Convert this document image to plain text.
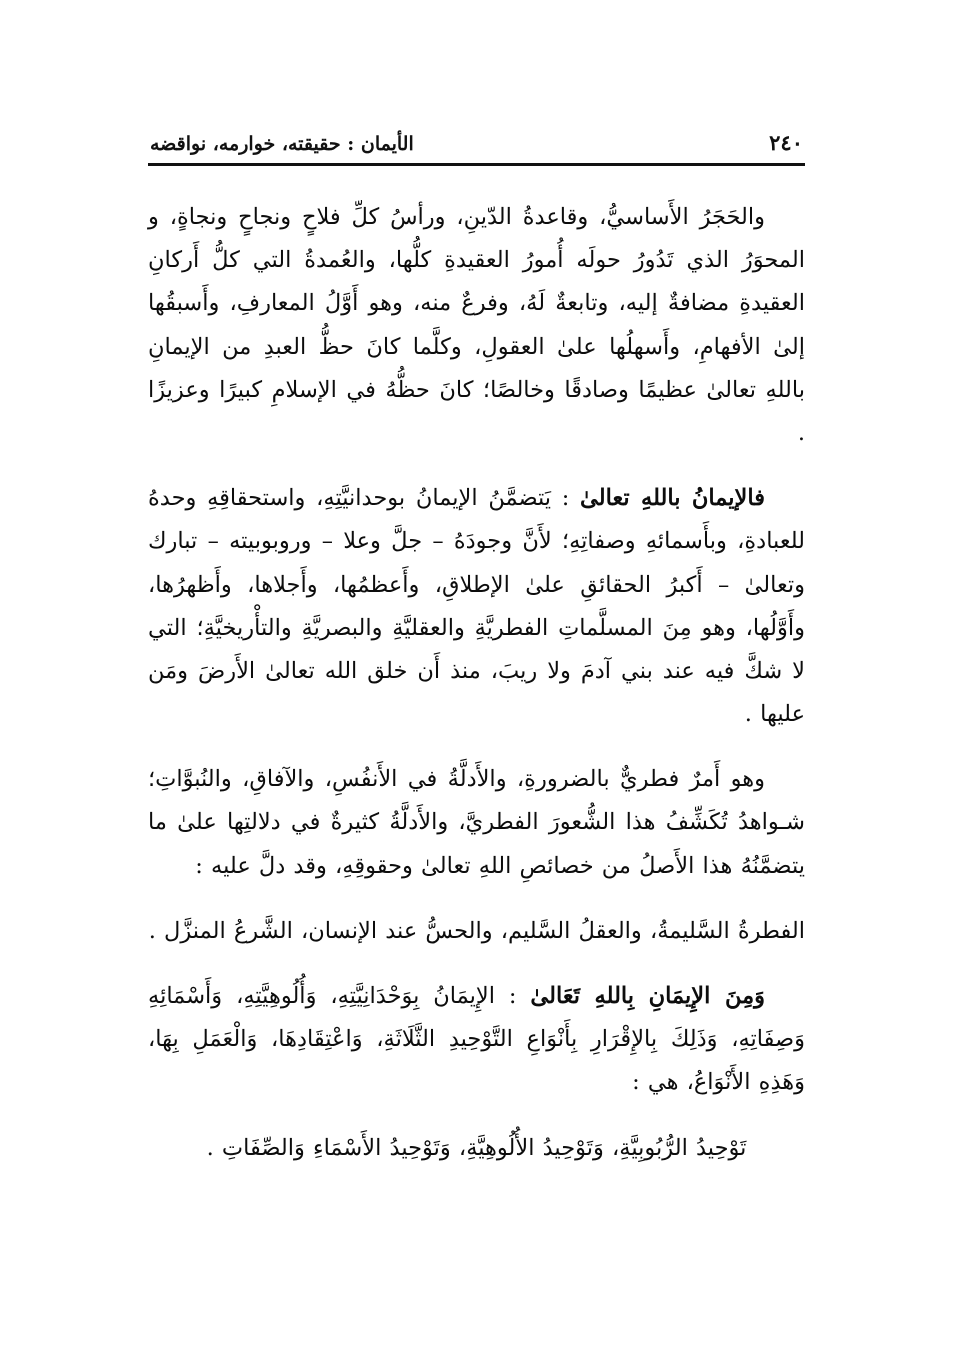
الأيمان : حقيقته، خوارمه، نواقضه	٢٤٠

والحَجَرُ الأَساسيُّ، وقاعدةُ الدّينِ، ورأسُ كلِّ فلاحٍ ونجاحٍ ونجاةٍ، و المحوَرُ الذي تَدُورُ حولَه أُمورُ العقيدةِ كلُّها، والعُمدةُ التي كلُّ أَركانِ العقيدةِ مضافةٌ إليه، وتابعةٌ لَهُ، وفرعٌ منه، وهو أَوَّلُ المعارفِ، وأَسبقُها إلىٰ الأفهامِ، وأَسهلُها علىٰ العقولِ، وكلَّما كانَ حظُّ العبدِ من الإيمانِ باللهِ تعالىٰ عظيمًا وصادقًا وخالصًا؛ كانَ حظُّهُ في الإسلامِ كبيرًا وعزيزًا .

فالإيمانُ باللهِ تعالىٰ : يَتضمَّنُ الإيمانُ بوحدانيَّتِهِ، واستحقاقِهِ وحدهُ للعبادةِ، وبأَسمائهِ وصفاتِهِ؛ لأَنَّ وجودَهُ – جلَّ وعلا – وروبوبيته – تبارك وتعالىٰ – أَكبرُ الحقائقِ علىٰ الإطلاقِ، وأَعظمُها، وأَجلاها، وأَظهرُها، وأَوَّلُها، وهو مِنَ المسلَّماتِ الفطريَّةِ والعقليَّةِ والبصريَّةِ والتأْريخيَّةِ؛ التي لا شكَّ فيه عند بني آدمَ ولا ريبَ، منذ أَن خلق الله تعالىٰ الأَرضَ ومَن عليها .

وهو أَمرٌ فطريٌّ بالضرورةِ، والأَدلَّةُ في الأَنفُسِ، والآفاقِ، والنُبوَّاتِ؛ شـواهدُ تُكَشِّفُ هذا الشُّعورَ الفطريَّ، والأَدلَّةُ كثيرةٌ في دلالتِها علىٰ ما يتضمَّنُهُ هذا الأَصلُ من خصائصِ اللهِ تعالىٰ وحقوقِهِ، وقد دلَّ عليه :

الفطرةُ السَّليمةُ، والعقلُ السَّليم، والحسُّ عند الإنسان، الشَّرعُ المنزَّل .

وَمِنَ الإِيمَانِ بِاللهِ تَعَالىٰ : الإِيمَانُ بِوَحْدَانِيَّتِهِ، وَأُلُوهِيَّتِهِ، وَأَسْمَائِهِ وَصِفَاتِهِ، وَذَلِكَ بِالإِقْرَارِ بِأَنْوَاعِ التَّوْحِيدِ الثَّلَاثَةِ، وَاعْتِقَادِهَا، وَالْعَمَلِ بِهَا، وَهَذِهِ الأَنْوَاعُ، هي :

تَوْحِيدُ الرُّبُوبِيَّةِ، وَتَوْحِيدُ الأُلُوهِيَّةِ، وَتَوْحِيدُ الأَسْمَاءِ وَالصِّفَاتِ .
